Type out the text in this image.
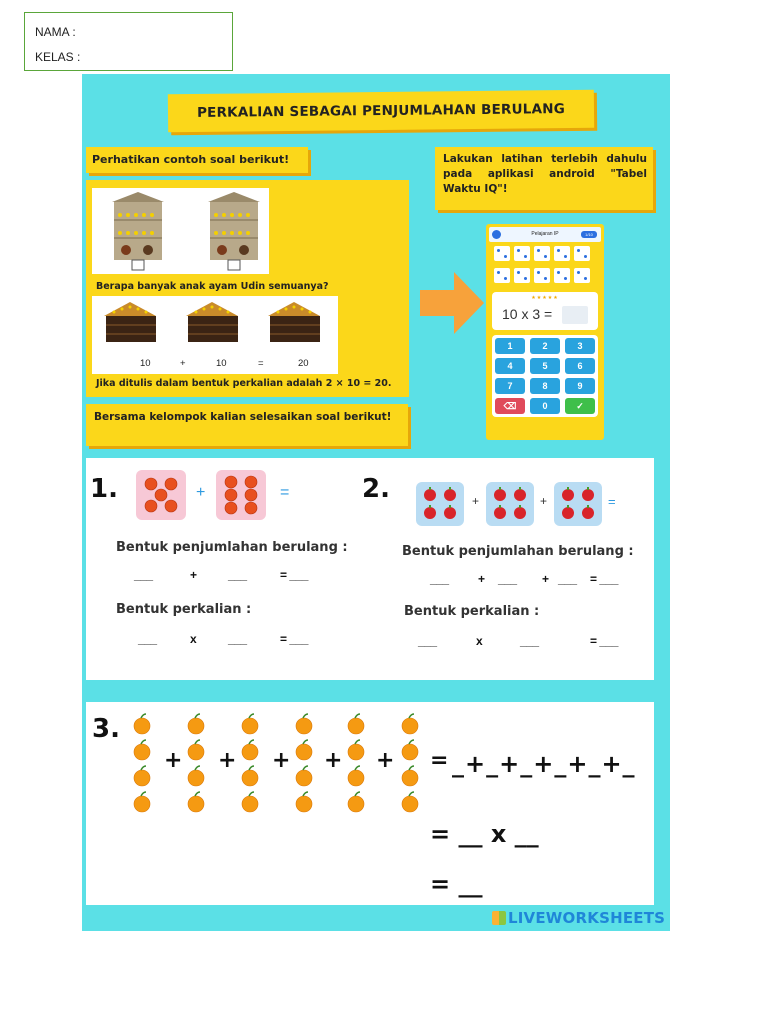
NAMA :
KELAS :
PERKALIAN SEBAGAI PENJUMLAHAN BERULANG
Perhatikan contoh soal berikut!	Lakukan latihan terlebih dahulu pada aplikasi android "Tabel Waktu IQ"!
Berapa banyak anak ayam Udin semuanya?
10	+	10	=	20
Jika ditulis dalam bentuk perkalian adalah 2 × 10 = 20.
Bersama kelompok kalian selesaikan soal berikut!
Pelajaran IP	1/10
★★★★★
10 x 3 =
1	2	3
4	5	6
7	8	9
⌫	0	✓
1.	+	=
Bentuk penjumlahan berulang :
___	+	___	= ___
Bentuk perkalian :
___	x	___	= ___
2.	+	+	=
Bentuk penjumlahan berulang :
___ + ___ + ___ = ___
Bentuk perkalian :
___	x	___	= ___
3.
+ + + + + = _+_+_+_+_+_
= __ x __
= __
LIVEWORKSHEETS
